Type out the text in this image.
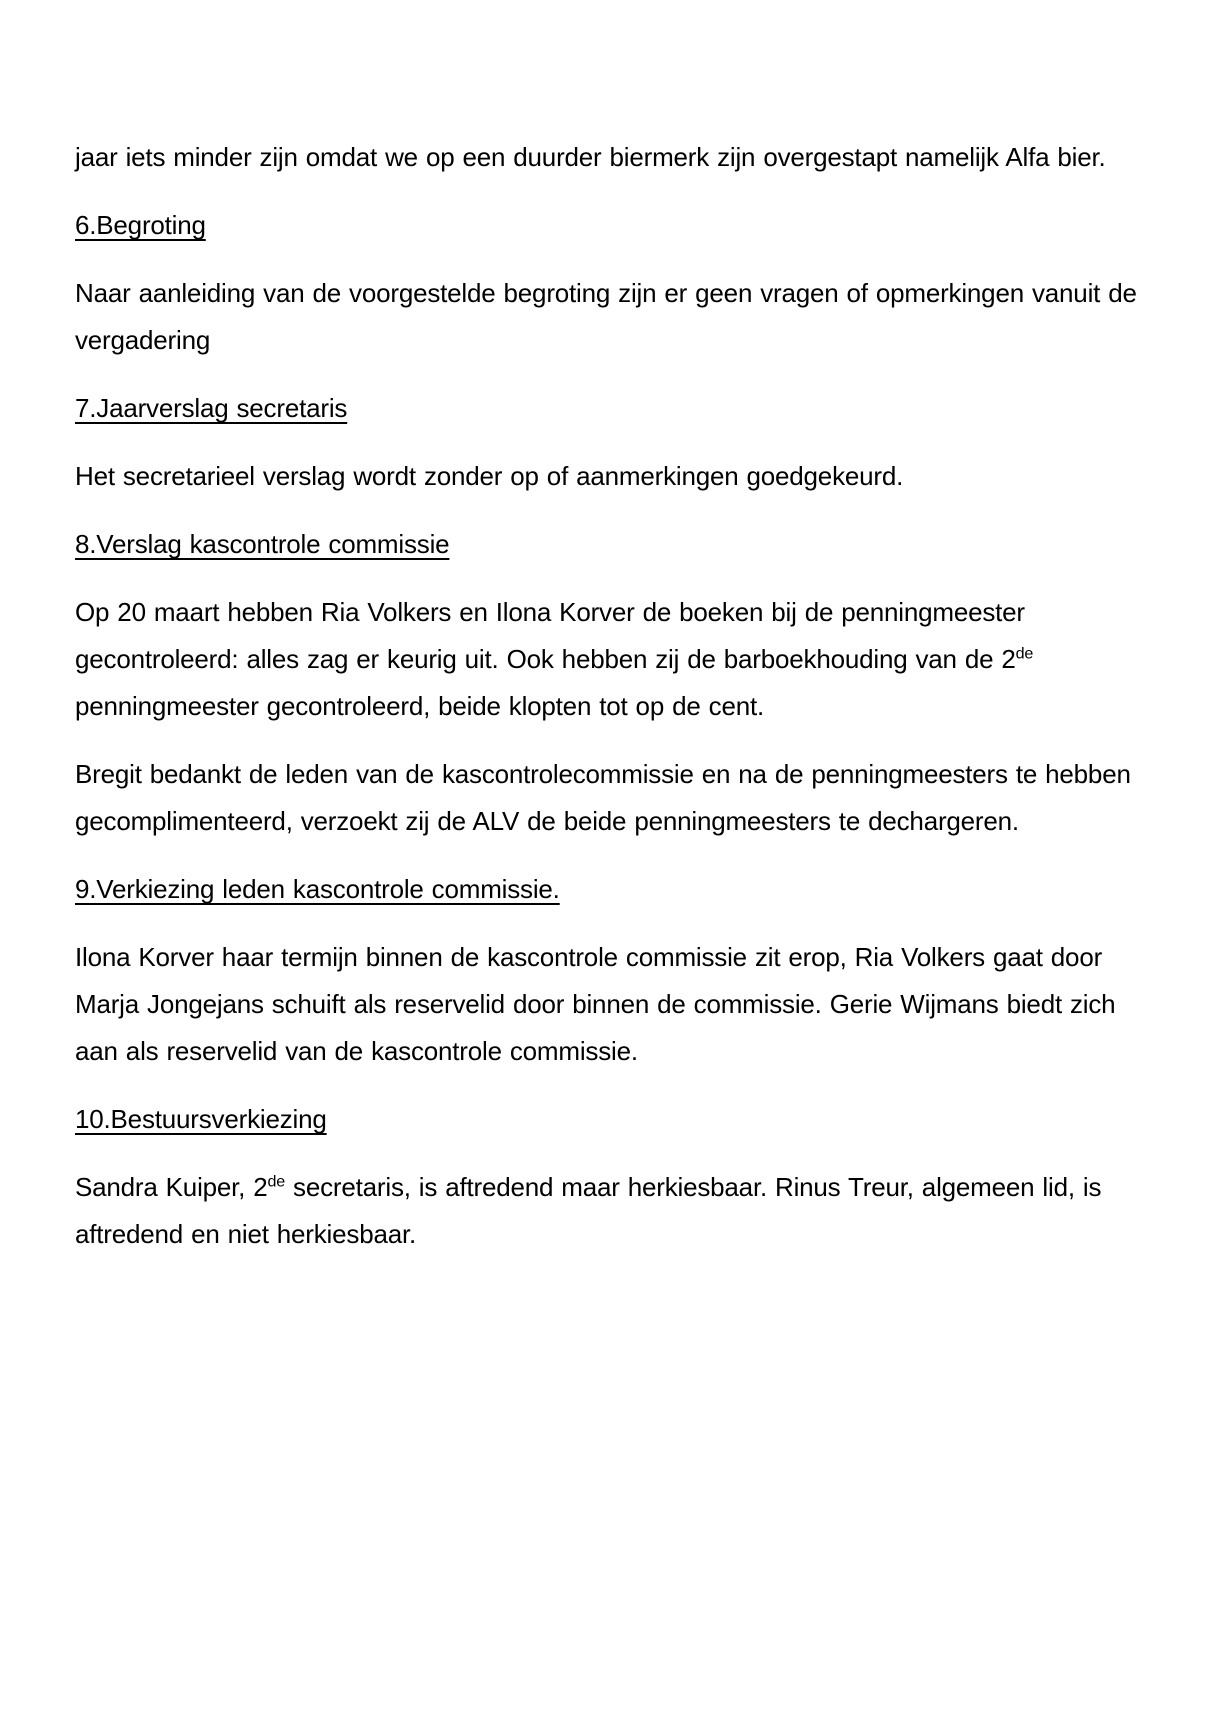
jaar iets minder zijn omdat we op een duurder biermerk zijn overgestapt namelijk Alfa bier.

6.Begroting

Naar aanleiding van de voorgestelde begroting zijn er geen vragen of opmerkingen vanuit de vergadering

7.Jaarverslag secretaris

Het secretarieel verslag wordt zonder op of aanmerkingen goedgekeurd.

8.Verslag kascontrole commissie

Op 20 maart hebben Ria Volkers en Ilona Korver de boeken bij de penningmeester gecontroleerd: alles zag er keurig uit. Ook hebben zij de barboekhouding van de 2de penningmeester gecontroleerd, beide klopten tot op de cent.

Bregit bedankt de leden van de kascontrolecommissie en na de penningmeesters te hebben gecomplimenteerd, verzoekt zij de ALV de beide penningmeesters te dechargeren.

9.Verkiezing leden kascontrole commissie.

Ilona Korver haar termijn binnen de kascontrole commissie zit erop, Ria Volkers gaat door Marja Jongejans schuift als reservelid door binnen de commissie. Gerie Wijmans biedt zich aan als reservelid van de kascontrole commissie.

10.Bestuursverkiezing

Sandra Kuiper, 2de secretaris, is aftredend maar herkiesbaar. Rinus Treur, algemeen lid, is aftredend en niet herkiesbaar.
